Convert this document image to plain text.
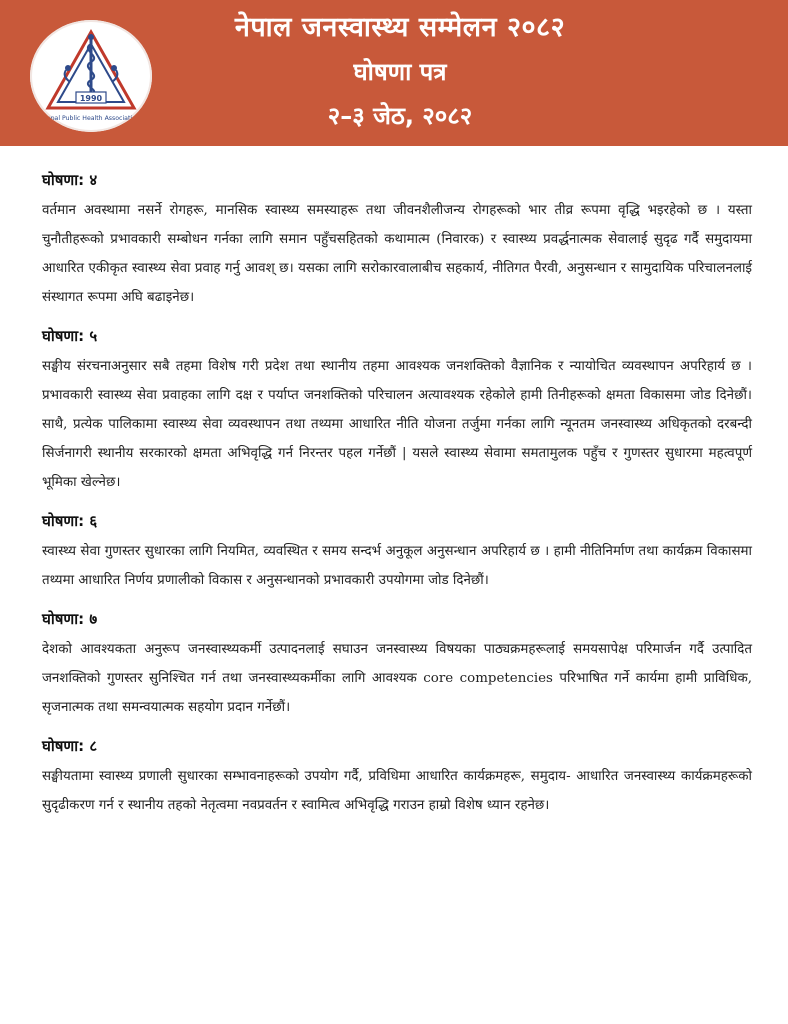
1990
Nepal Public Health Association
नेपाल जनस्वास्थ्य सम्मेलन २०८२
घोषणा पत्र
२–३ जेठ, २०८२
घोषणा: ४

वर्तमान अवस्थामा नसर्ने रोगहरू, मानसिक स्वास्थ्य समस्याहरू तथा जीवनशैलीजन्य रोगहरूको भार तीव्र रूपमा वृद्धि भइरहेको छ । यस्ता चुनौतीहरूको प्रभावकारी सम्बोधन गर्नका लागि समान पहुँचसहितको कथामात्म (निवारक) र स्वास्थ्य प्रवर्द्धनात्मक सेवालाई सुदृढ गर्दै समुदायमा आधारित एकीकृत स्वास्थ्य सेवा प्रवाह गर्नु आवश् छ। यसका लागि सरोकारवालाबीच सहकार्य, नीतिगत पैरवी, अनुसन्धान र सामुदायिक परिचालनलाई संस्थागत रूपमा अघि बढाइनेछ।

घोषणा: ५

सङ्घीय संरचनाअनुसार सबै तहमा विशेष गरी प्रदेश तथा स्थानीय तहमा आवश्यक जनशक्तिको वैज्ञानिक र न्यायोचित व्यवस्थापन अपरिहार्य छ । प्रभावकारी स्वास्थ्य सेवा प्रवाहका लागि दक्ष र पर्याप्त जनशक्तिको परिचालन अत्यावश्यक रहेकोले हामी तिनीहरूको क्षमता विकासमा जोड दिनेछौं। साथै, प्रत्येक पालिकामा स्वास्थ्य सेवा व्यवस्थापन तथा तथ्यमा आधारित नीति योजना तर्जुमा गर्नका लागि न्यूनतम जनस्वास्थ्य अधिकृतको दरबन्दी सिर्जनागरी स्थानीय सरकारको क्षमता अभिवृद्धि गर्न निरन्तर पहल गर्नेछौं | यसले स्वास्थ्य सेवामा समतामुलक पहुँच र गुणस्तर सुधारमा महत्वपूर्ण भूमिका खेल्नेछ।

घोषणा: ६

स्वास्थ्य सेवा गुणस्तर सुधारका लागि नियमित, व्यवस्थित र समय सन्दर्भ अनुकूल अनुसन्धान अपरिहार्य छ । हामी नीतिनिर्माण तथा कार्यक्रम विकासमा तथ्यमा आधारित निर्णय प्रणालीको विकास र अनुसन्धानको प्रभावकारी उपयोगमा जोड दिनेछौं।

घोषणा: ७

देशको आवश्यकता अनुरूप जनस्वास्थ्यकर्मी उत्पादनलाई सघाउन जनस्वास्थ्य विषयका पाठ्यक्रमहरूलाई समयसापेक्ष परिमार्जन गर्दै उत्पादित जनशक्तिको गुणस्तर सुनिश्चित गर्न तथा जनस्वास्थ्यकर्मीका लागि आवश्यक core competencies परिभाषित गर्ने कार्यमा हामी प्राविधिक, सृजनात्मक तथा समन्वयात्मक सहयोग प्रदान गर्नेछौं।

घोषणा: ८

सङ्घीयतामा स्वास्थ्य प्रणाली सुधारका सम्भावनाहरूको उपयोग गर्दै, प्रविधिमा आधारित कार्यक्रमहरू, समुदाय- आधारित जनस्वास्थ्य कार्यक्रमहरूको सुदृढीकरण गर्न र स्थानीय तहको नेतृत्वमा नवप्रवर्तन र स्वामित्व अभिवृद्धि गराउन हाम्रो विशेष ध्यान रहनेछ।
